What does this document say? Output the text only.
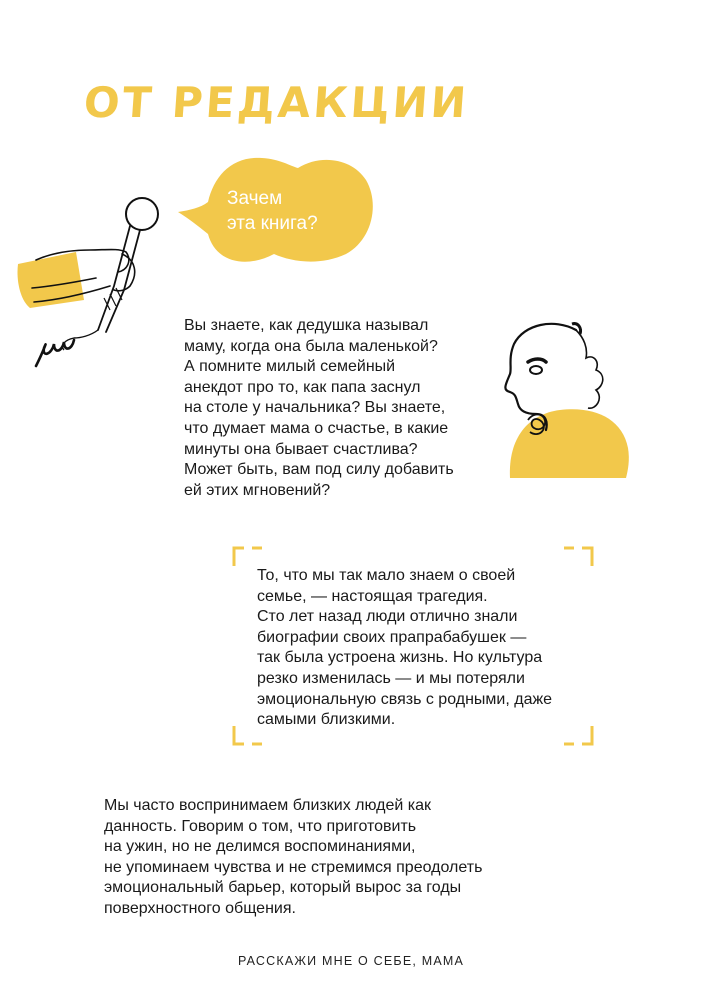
ОТ РЕДАКЦИИ
Зачем
эта книга?
Вы знаете, как дедушка называл
маму, когда она была маленькой?
А помните милый семейный
анекдот про то, как папа заснул
на столе у начальника? Вы знаете,
что думает мама о счастье, в какие
минуты она бывает счастлива?
Может быть, вам под силу добавить
ей этих мгновений?
То, что мы так мало знаем о своей
семье, — настоящая трагедия.
Сто лет назад люди отлично знали
биографии своих прапрабабушек —
так была устроена жизнь. Но культура
резко изменилась — и мы потеряли
эмоциональную связь с родными, даже
самыми близкими.
Мы часто воспринимаем близких людей как
данность. Говорим о том, что приготовить
на ужин, но не делимся воспоминаниями,
не упоминаем чувства и не стремимся преодолеть
эмоциональный барьер, который вырос за годы
поверхностного общения.
РАССКАЖИ МНЕ О СЕБЕ, МАМА
